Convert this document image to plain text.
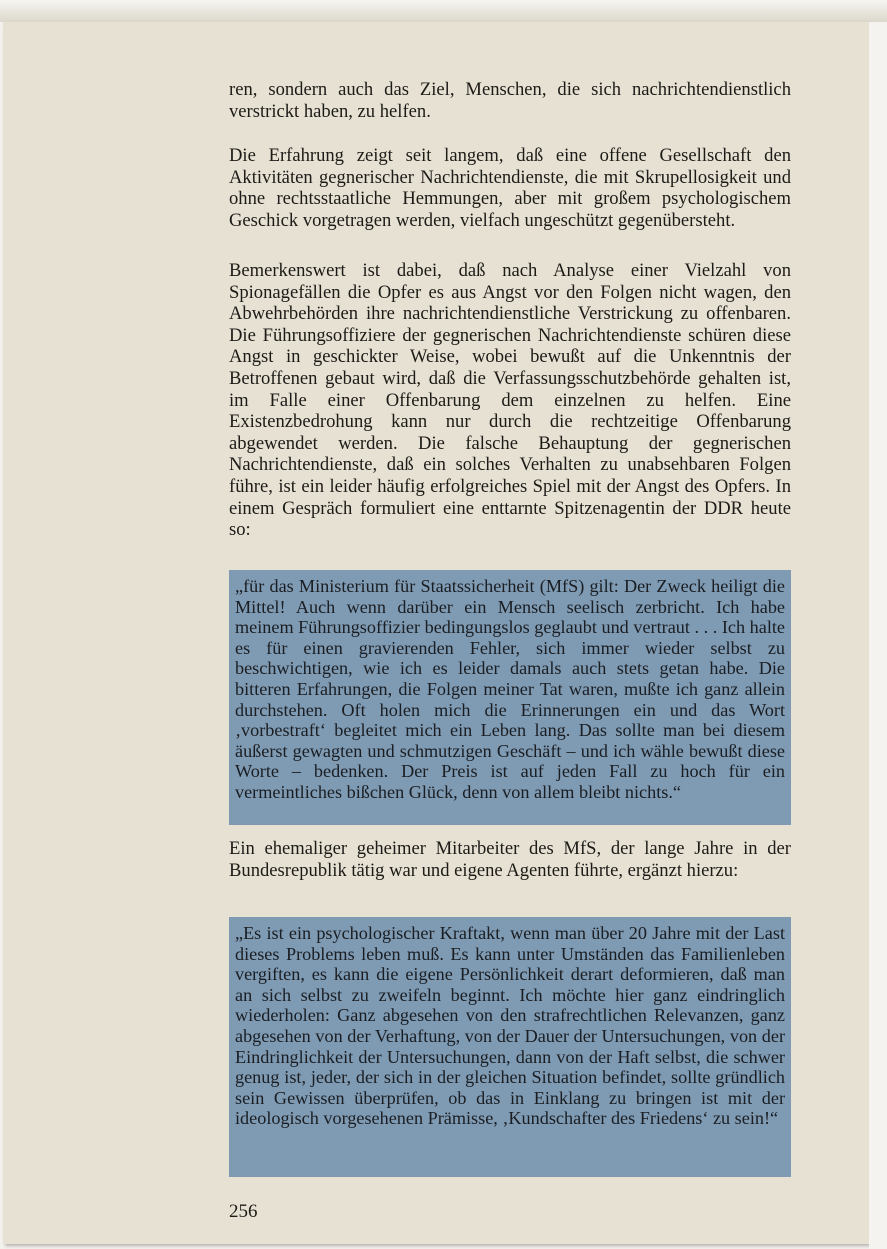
ren, sondern auch das Ziel, Menschen, die sich nachrichtendienstlich verstrickt haben, zu helfen.

Die Erfahrung zeigt seit langem, daß eine offene Gesellschaft den Aktivitäten gegnerischer Nachrichtendienste, die mit Skrupellosigkeit und ohne rechtsstaatliche Hemmungen, aber mit großem psychologischem Geschick vorgetragen werden, vielfach ungeschützt gegenübersteht.

Bemerkenswert ist dabei, daß nach Analyse einer Vielzahl von Spionagefällen die Opfer es aus Angst vor den Folgen nicht wagen, den Abwehrbehörden ihre nachrichtendienstliche Verstrickung zu offenbaren. Die Führungsoffiziere der gegnerischen Nachrichtendienste schüren diese Angst in geschickter Weise, wobei bewußt auf die Unkenntnis der Betroffenen gebaut wird, daß die Verfassungsschutzbehörde gehalten ist, im Falle einer Offenbarung dem einzelnen zu helfen. Eine Existenzbedrohung kann nur durch die rechtzeitige Offenbarung abgewendet werden. Die falsche Behauptung der gegnerischen Nachrichtendienste, daß ein solches Verhalten zu unabsehbaren Folgen führe, ist ein leider häufig erfolgreiches Spiel mit der Angst des Opfers. In einem Gespräch formuliert eine enttarnte Spitzenagentin der DDR heute so:

„für das Ministerium für Staatssicherheit (MfS) gilt: Der Zweck heiligt die Mittel! Auch wenn darüber ein Mensch seelisch zerbricht. Ich habe meinem Führungsoffizier bedingungslos geglaubt und vertraut . . . Ich halte es für einen gravierenden Fehler, sich immer wieder selbst zu beschwichtigen, wie ich es leider damals auch stets getan habe. Die bitteren Erfahrungen, die Folgen meiner Tat waren, mußte ich ganz allein durchstehen. Oft holen mich die Erinnerungen ein und das Wort ‚vorbestraft‘ begleitet mich ein Leben lang. Das sollte man bei diesem äußerst gewagten und schmutzigen Geschäft – und ich wähle bewußt diese Worte – bedenken. Der Preis ist auf jeden Fall zu hoch für ein vermeintliches bißchen Glück, denn von allem bleibt nichts.“

Ein ehemaliger geheimer Mitarbeiter des MfS, der lange Jahre in der Bundesrepublik tätig war und eigene Agenten führte, ergänzt hierzu:

„Es ist ein psychologischer Kraftakt, wenn man über 20 Jahre mit der Last dieses Problems leben muß. Es kann unter Umständen das Familienleben vergiften, es kann die eigene Persönlichkeit derart deformieren, daß man an sich selbst zu zweifeln beginnt. Ich möchte hier ganz eindringlich wiederholen: Ganz abgesehen von den strafrechtlichen Relevanzen, ganz abgesehen von der Verhaftung, von der Dauer der Untersuchungen, von der Eindringlichkeit der Untersuchungen, dann von der Haft selbst, die schwer genug ist, jeder, der sich in der gleichen Situation befindet, sollte gründlich sein Gewissen überprüfen, ob das in Einklang zu bringen ist mit der ideologisch vorgesehenen Prämisse, ‚Kundschafter des Friedens‘ zu sein!“

256
